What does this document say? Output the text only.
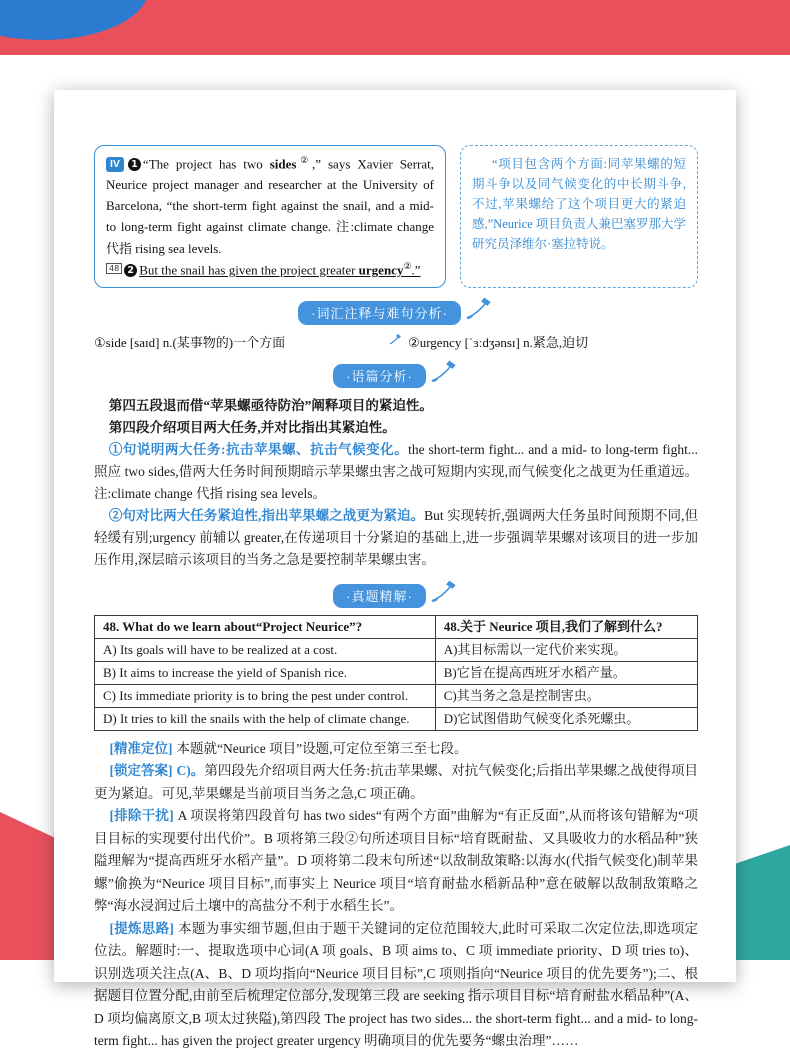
IV 1 “The project has two sides②,” says Xavier Serrat, Neurice project manager and researcher at the University of Barcelona, “the short-term fight against the snail, and a mid- to long-term fight against climate change. 注:climate change 代指 rising sea levels.
48 2 But the snail has given the project greater urgency②.”
“项目包含两个方面:同苹果螺的短期斗争以及同气候变化的中长期斗争,不过,苹果螺给了这个项目更大的紧迫感,”Neurice 项目负责人兼巴塞罗那大学研究员泽维尔·塞拉特说。
·词汇注释与难句分析·
①side [saɪd] n.(某事物的)一个方面	②urgency [ˈɜːdʒənsɪ] n.紧急,迫切
·语篇分析·

第四五段退而借“苹果螺亟待防治”阐释项目的紧迫性。

第四段介绍项目两大任务,并对比指出其紧迫性。

①句说明两大任务:抗击苹果螺、抗击气候变化。the short-term fight... and a mid- to long-term fight... 照应 two sides,借两大任务时间预期暗示苹果螺虫害之战可短期内实现,而气候变化之战更为任重道远。注:climate change 代指 rising sea levels。

②句对比两大任务紧迫性,指出苹果螺之战更为紧迫。But 实现转折,强调两大任务虽时间预期不同,但轻缓有别;urgency 前辅以 greater,在传递项目十分紧迫的基础上,进一步强调苹果螺对该项目的进一步加压作用,深层暗示该项目的当务之急是要控制苹果螺虫害。

·真题精解·
48. What do we learn about“Project Neurice”?	48.关于 Neurice 项目,我们了解到什么?
A) Its goals will have to be realized at a cost.	A)其目标需以一定代价来实现。
B) It aims to increase the yield of Spanish rice.	B)它旨在提高西班牙水稻产量。
C) Its immediate priority is to bring the pest under control.	C)其当务之急是控制害虫。
D) It tries to kill the snails with the help of climate change.	D)它试图借助气候变化杀死螺虫。

[精准定位] 本题就“Neurice 项目”设题,可定位至第三至七段。

[锁定答案] C)。第四段先介绍项目两大任务:抗击苹果螺、对抗气候变化;后指出苹果螺之战使得项目更为紧迫。可见,苹果螺是当前项目当务之急,C 项正确。

[排除干扰] A 项误将第四段首句 has two sides“有两个方面”曲解为“有正反面”,从而将该句错解为“项目目标的实现要付出代价”。B 项将第三段②句所述项目目标“培育既耐盐、又具吸收力的水稻品种”狭隘理解为“提高西班牙水稻产量”。D 项将第二段末句所述“以敌制敌策略:以海水(代指气候变化)制苹果螺”偷换为“Neurice 项目目标”,而事实上 Neurice 项目“培育耐盐水稻新品种”意在破解以敌制敌策略之弊“海水浸润过后土壤中的高盐分不利于水稻生长”。

[提炼思路] 本题为事实细节题,但由于题干关键词的定位范围较大,此时可采取二次定位法,即选项定位法。解题时:一、提取选项中心词(A 项 goals、B 项 aims to、C 项 immediate priority、D 项 tries to)、识别选项关注点(A、B、D 项均指向“Neurice 项目目标”,C 项则指向“Neurice 项目的优先要务”);二、根据题目位置分配,由前至后梳理定位部分,发现第三段 are seeking 指示项目目标“培育耐盐水稻品种”(A、D 项均偏离原文,B 项太过狭隘),第四段 The project has two sides... the short-term fight... and a mid- to long-term fight... has given the project greater urgency 明确项目的优先要务“螺虫治理”……
